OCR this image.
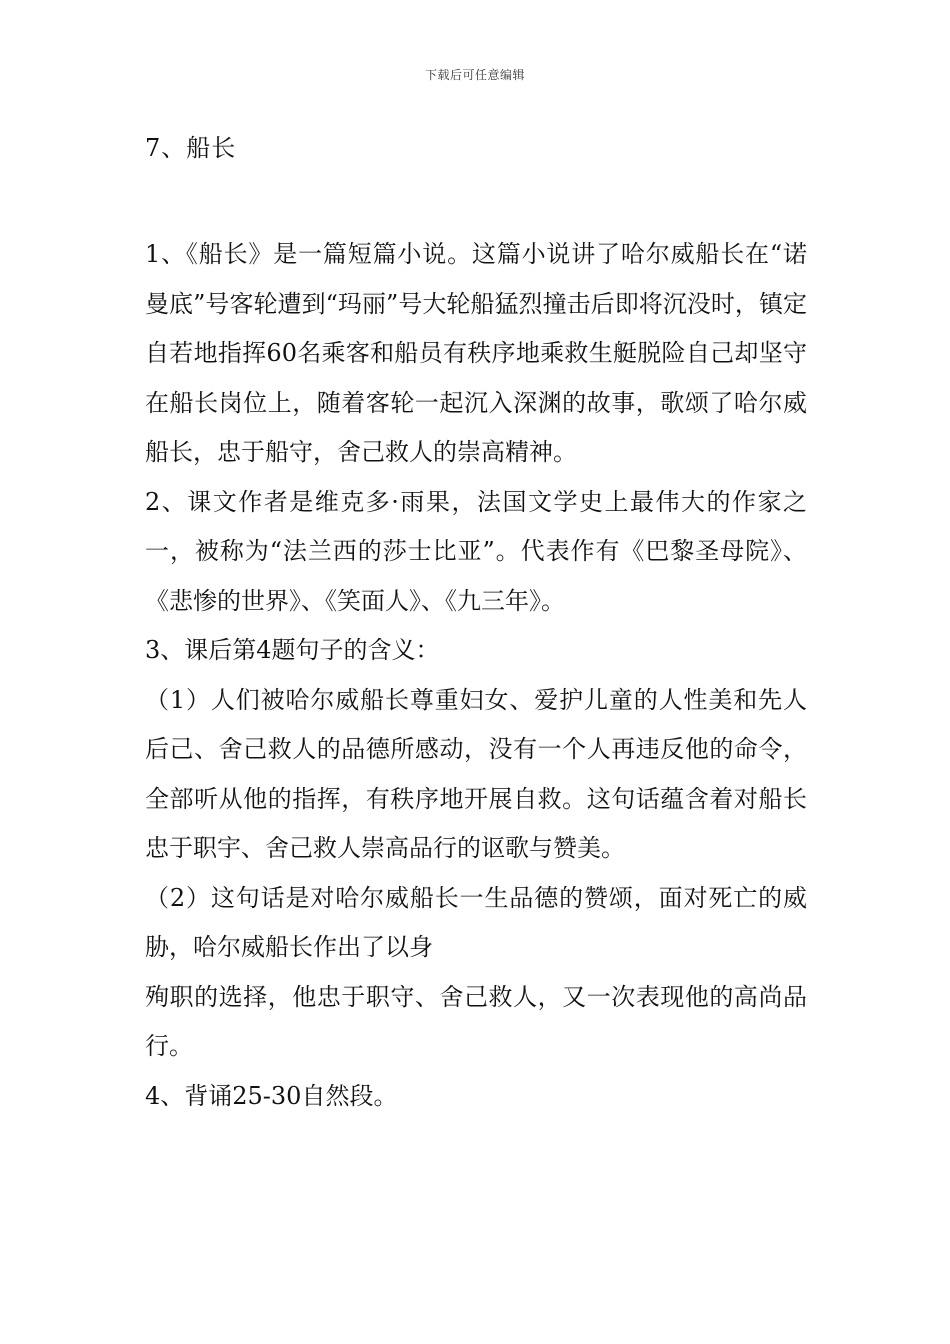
下载后可任意编辑
7、船长

1、《船长》是一篇短篇小说。这篇小说讲了哈尔威船长在“诺曼底”号客轮遭到“玛丽”号大轮船猛烈撞击后即将沉没时，镇定自若地指挥60名乘客和船员有秩序地乘救生艇脱险自己却坚守在船长岗位上，随着客轮一起沉入深渊的故事，歌颂了哈尔威船长，忠于船守，舍己救人的崇高精神。

2、课文作者是维克多·雨果，法国文学史上最伟大的作家之一，被称为“法兰西的莎士比亚”。代表作有《巴黎圣母院》、《悲惨的世界》、《笑面人》、《九三年》。

3、课后第4题句子的含义：

（1）人们被哈尔威船长尊重妇女、爱护儿童的人性美和先人后己、舍己救人的品德所感动，没有一个人再违反他的命令，全部听从他的指挥，有秩序地开展自救。这句话蕴含着对船长忠于职宇、舍己救人崇高品行的讴歌与赞美。

（2）这句话是对哈尔威船长一生品德的赞颂，面对死亡的威胁，哈尔威船长作出了以身

殉职的选择，他忠于职守、舍己救人，又一次表现他的高尚品行。

4、背诵25-30自然段。
